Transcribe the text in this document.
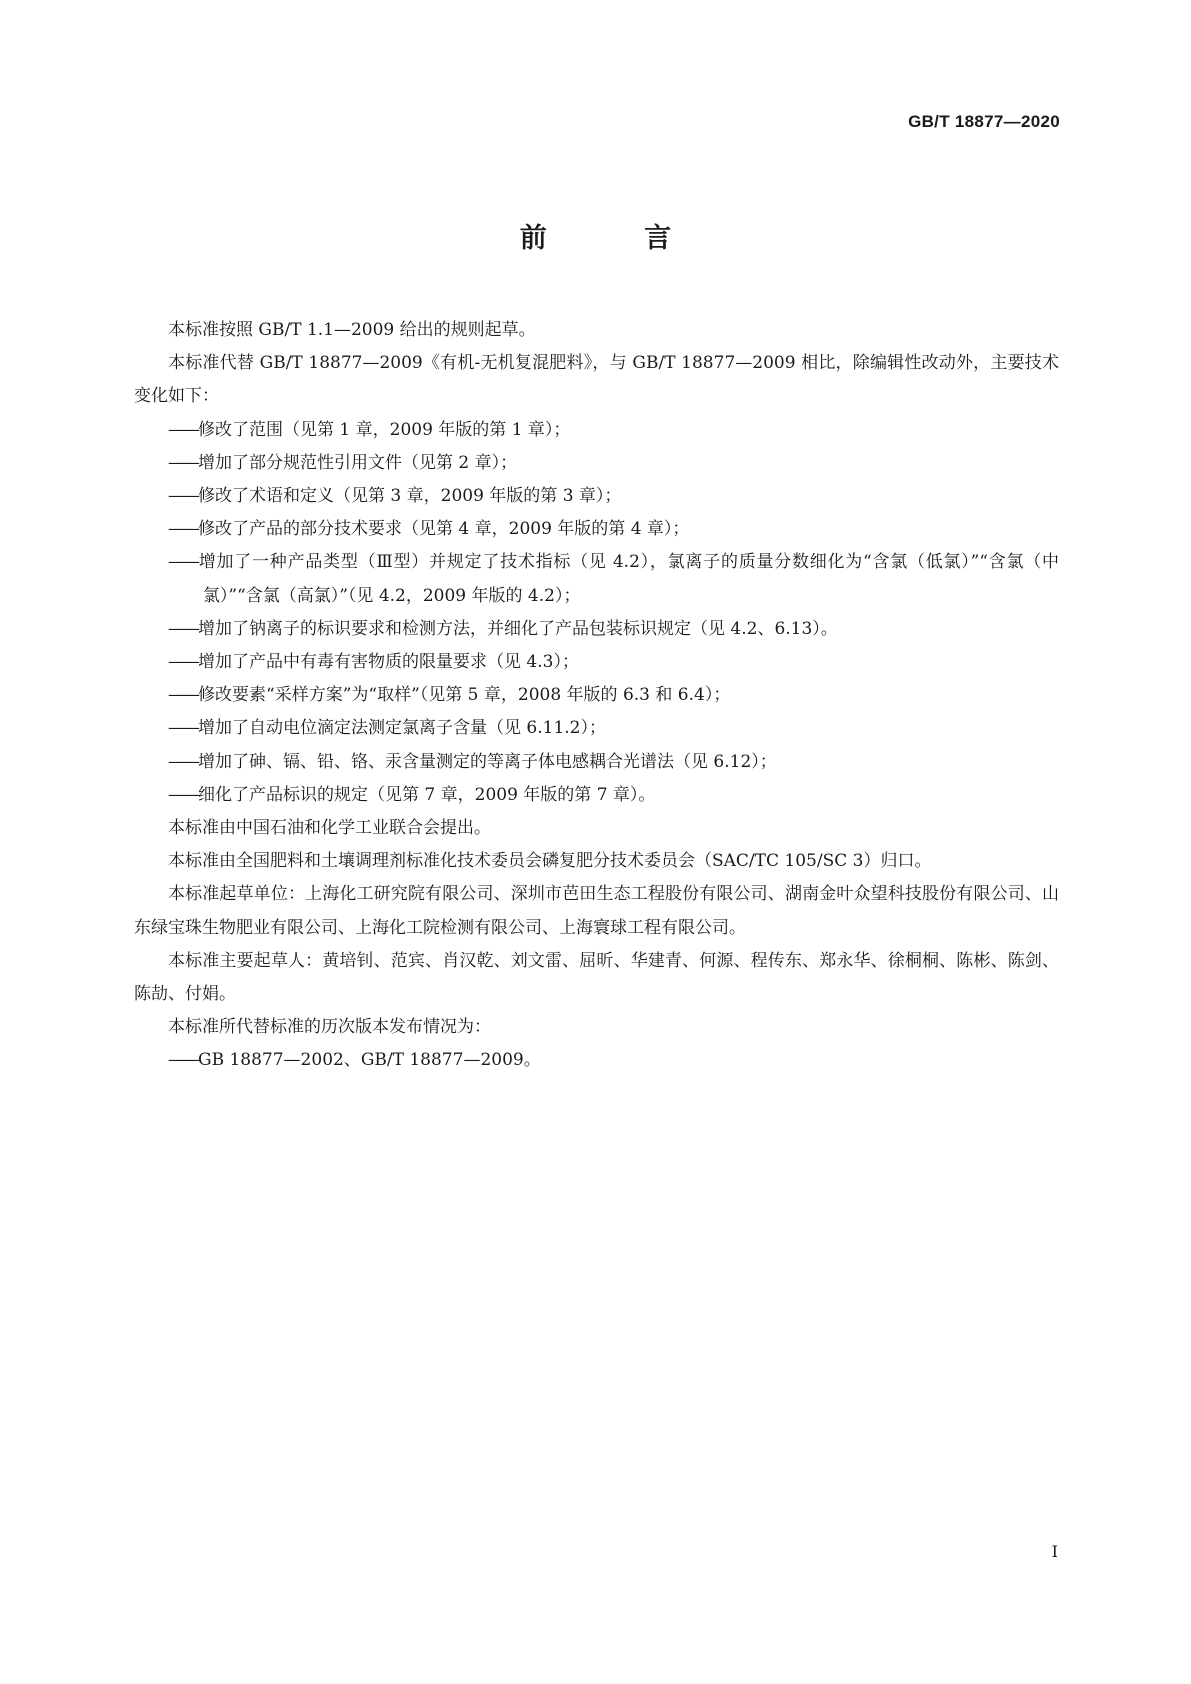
GB/T 18877—2020
前 言

本标准按照 GB/T 1.1—2009 给出的规则起草。

本标准代替 GB/T 18877—2009《有机-无机复混肥料》，与 GB/T 18877—2009 相比，除编辑性改动外，主要技术变化如下：

——修改了范围（见第 1 章，2009 年版的第 1 章）；

——增加了部分规范性引用文件（见第 2 章）；

——修改了术语和定义（见第 3 章，2009 年版的第 3 章）；

——修改了产品的部分技术要求（见第 4 章，2009 年版的第 4 章）；

——增加了一种产品类型（Ⅲ型）并规定了技术指标（见 4.2），氯离子的质量分数细化为“含氯（低氯）”“含氯（中氯）”“含氯（高氯）”（见 4.2，2009 年版的 4.2）；

——增加了钠离子的标识要求和检测方法，并细化了产品包装标识规定（见 4.2、6.13）。

——增加了产品中有毒有害物质的限量要求（见 4.3）；

——修改要素“采样方案”为“取样”（见第 5 章，2008 年版的 6.3 和 6.4）；

——增加了自动电位滴定法测定氯离子含量（见 6.11.2）；

——增加了砷、镉、铅、铬、汞含量测定的等离子体电感耦合光谱法（见 6.12）；

——细化了产品标识的规定（见第 7 章，2009 年版的第 7 章）。

本标准由中国石油和化学工业联合会提出。

本标准由全国肥料和土壤调理剂标准化技术委员会磷复肥分技术委员会（SAC/TC 105/SC 3）归口。

本标准起草单位：上海化工研究院有限公司、深圳市芭田生态工程股份有限公司、湖南金叶众望科技股份有限公司、山东绿宝珠生物肥业有限公司、上海化工院检测有限公司、上海寰球工程有限公司。

本标准主要起草人：黄培钊、范宾、肖汉乾、刘文雷、屈昕、华建青、何源、程传东、郑永华、徐桐桐、陈彬、陈剑、陈劼、付娟。

本标准所代替标准的历次版本发布情况为：

——GB 18877—2002、GB/T 18877—2009。

I
